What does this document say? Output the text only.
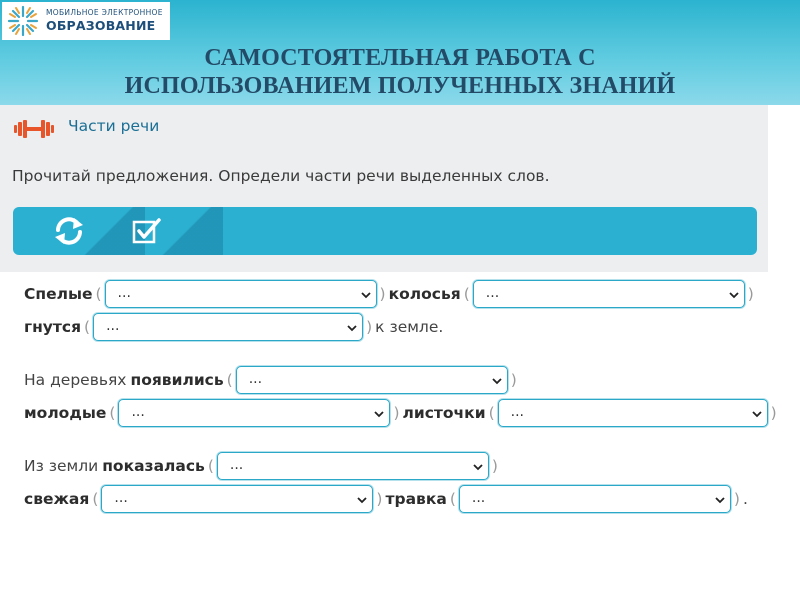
МОБИЛЬНОЕ ЭЛЕКТРОННОЕ
ОБРАЗОВАНИЕ
САМОСТОЯТЕЛЬНАЯ РАБОТА С
ИСПОЛЬЗОВАНИЕМ ПОЛУЧЕННЫХ ЗНАНИЙ
Части речи
Прочитай предложения. Определи части речи выделенных слов.
Спелые ( ...	) колосья ( ...	)
гнутся ( ...	) к земле.
На деревьях появились ( ...	)
молодые ( ...	) листочки ( ...	)
Из земли показалась ( ...	)
свежая ( ...	) травка ( ...	) .
